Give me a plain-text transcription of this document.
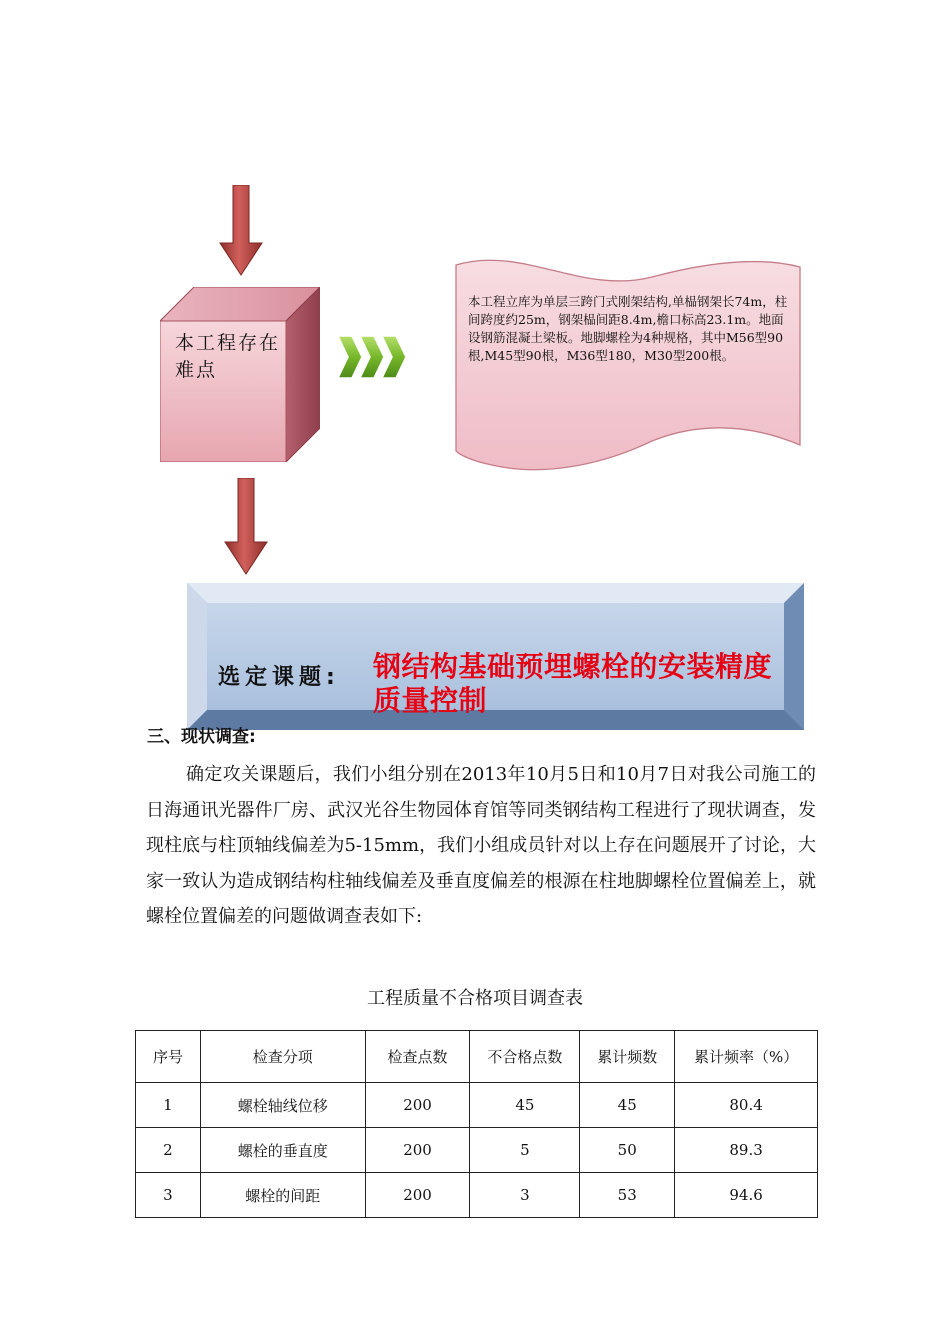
本工程存在难点
本工程立库为单层三跨门式刚架结构,单榀钢架长74m，柱间跨度约25m，钢架榀间距8.4m,檐口标高23.1m。地面设钢筋混凝土梁板。地脚螺栓为4种规格，其中M56型90根,M45型90根，M36型180，M30型200根。
选定课题: 钢结构基础预埋螺栓的安装精度质量控制
三、现状调查:
确定攻关课题后，我们小组分别在2013年10月5日和10月7日对我公司施工的日海通讯光器件厂房、武汉光谷生物园体育馆等同类钢结构工程进行了现状调查，发现柱底与柱顶轴线偏差为5-15mm，我们小组成员针对以上存在问题展开了讨论，大家一致认为造成钢结构柱轴线偏差及垂直度偏差的根源在柱地脚螺栓位置偏差上，就螺栓位置偏差的问题做调查表如下:
工程质量不合格项目调查表
序号	检查分项	检查点数	不合格点数	累计频数	累计频率（%）
1	螺栓轴线位移	200	45	45	80.4
2	螺栓的垂直度	200	5	50	89.3
3	螺栓的间距	200	3	53	94.6
